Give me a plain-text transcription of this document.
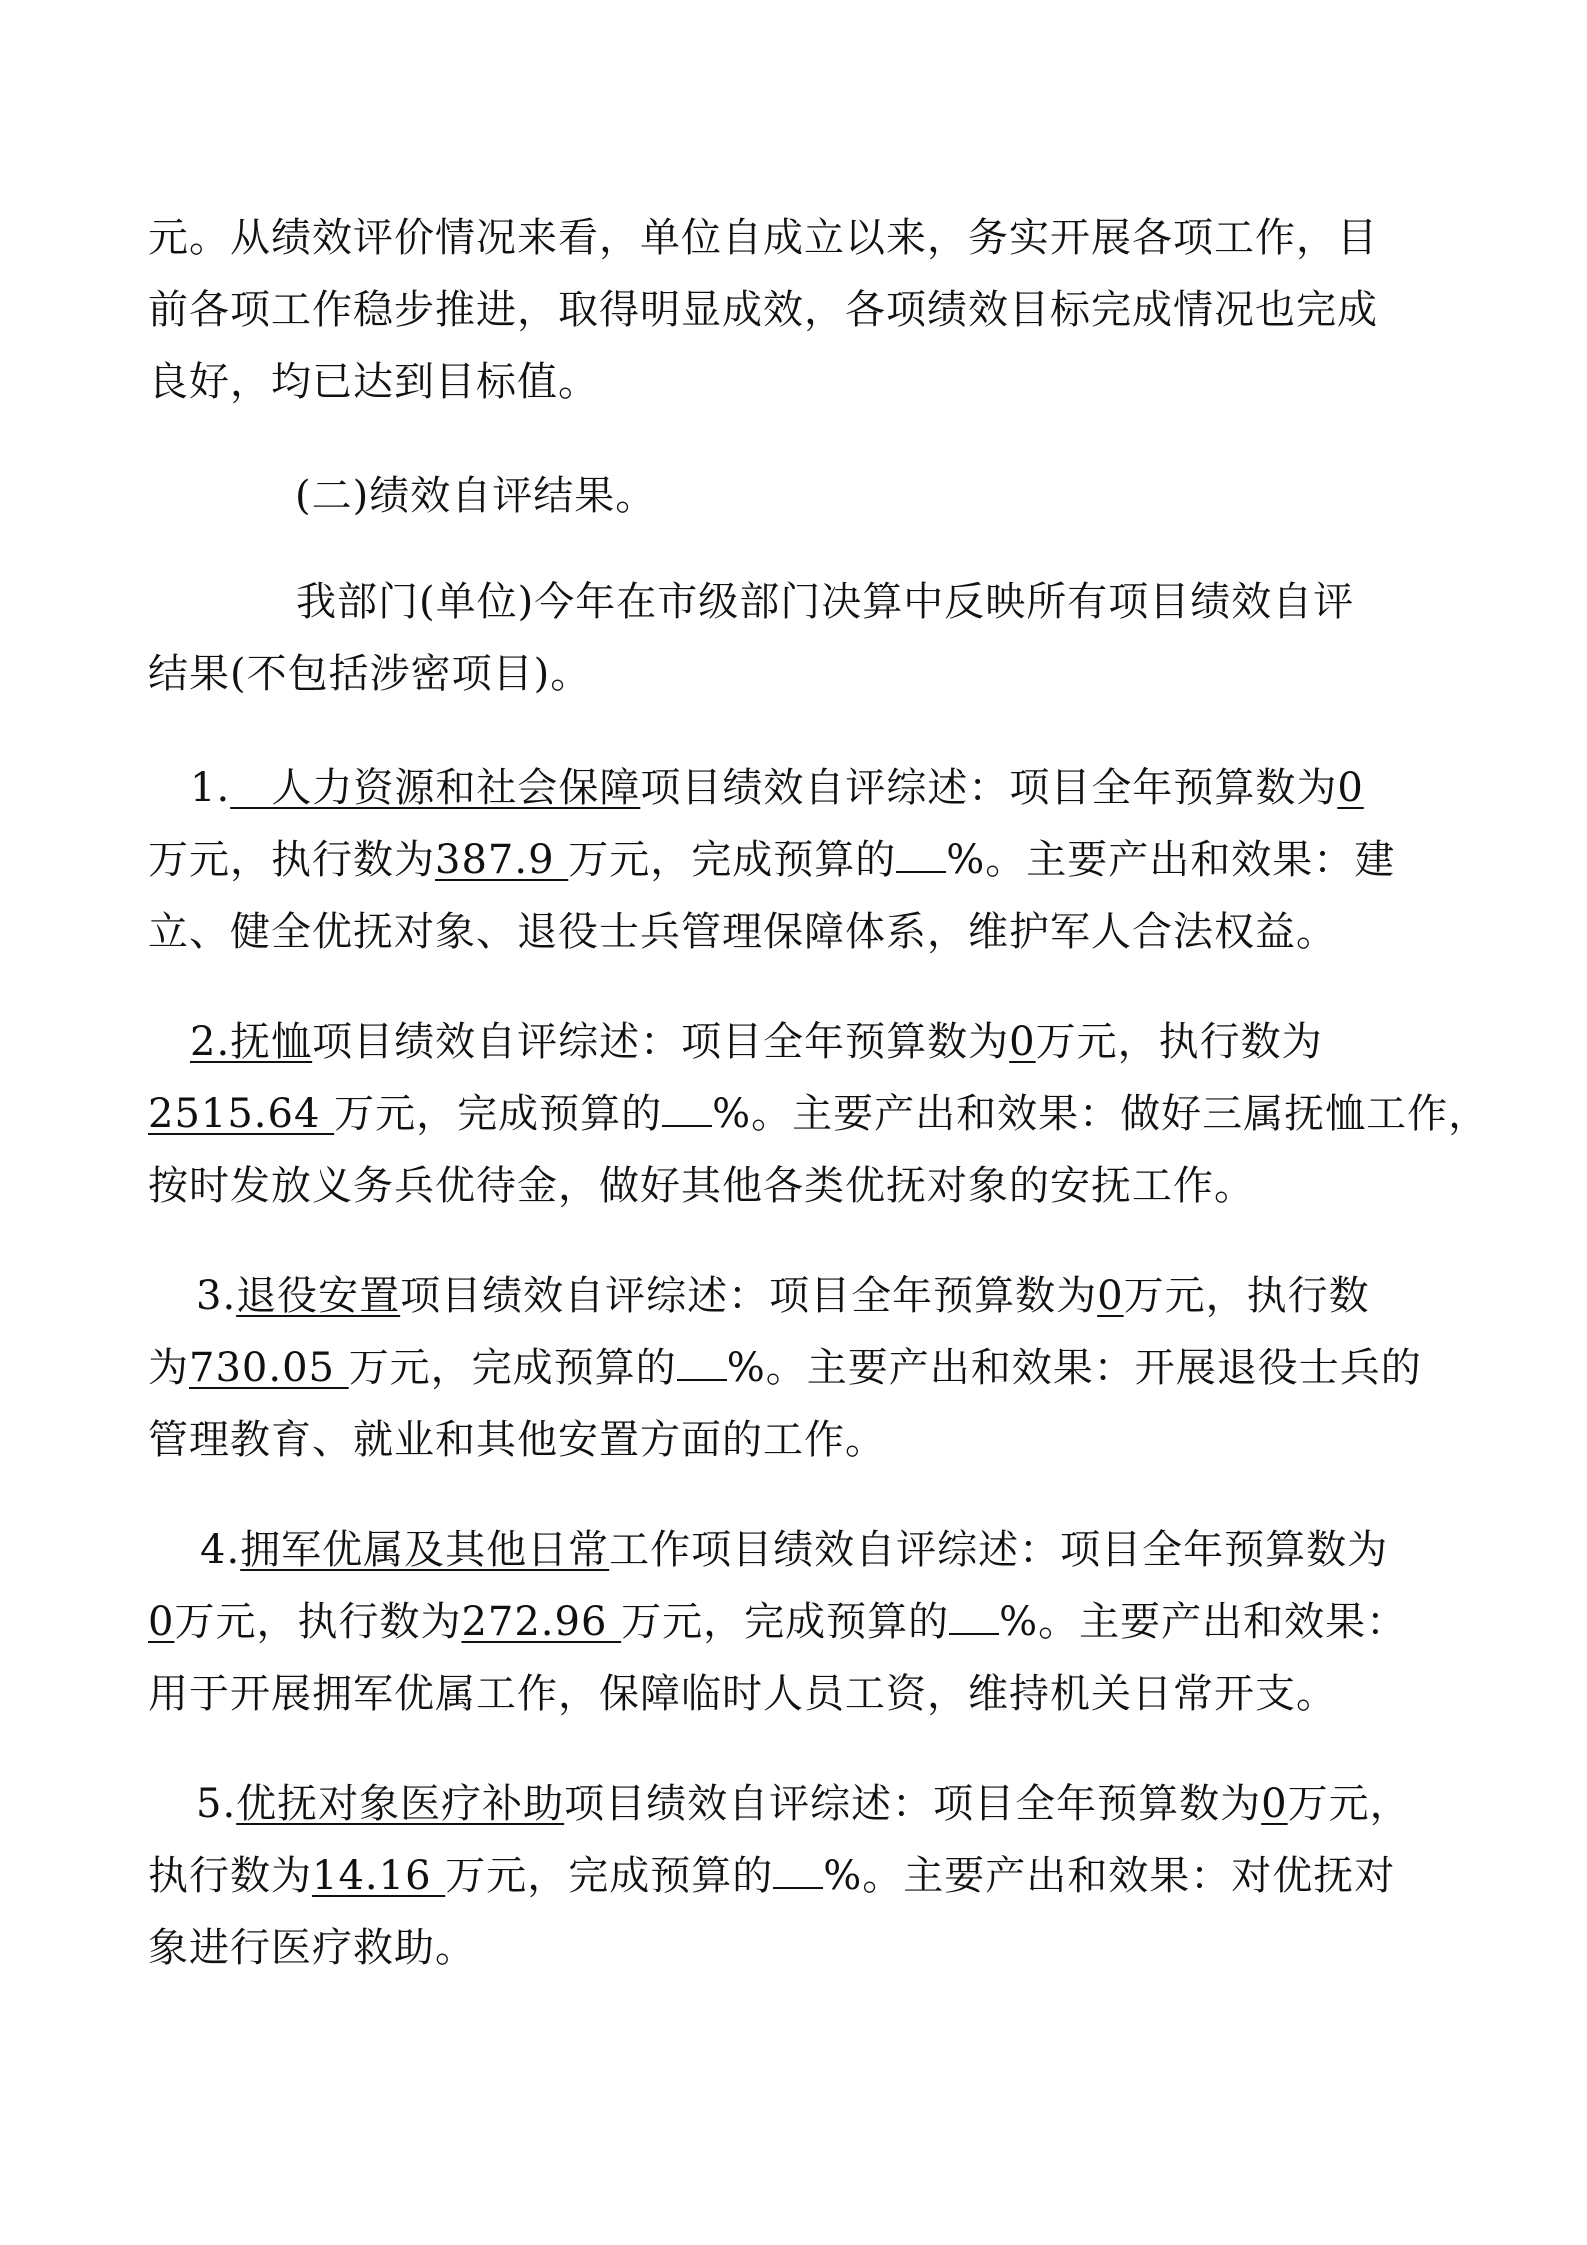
元。从绩效评价情况来看，单位自成立以来，务实开展各项工作，目
前各项工作稳步推进，取得明显成效，各项绩效目标完成情况也完成
良好，均已达到目标值。
(二)绩效自评结果。
我部门(单位)今年在市级部门决算中反映所有项目绩效自评
结果(不包括涉密项目)。
1.   人力资源和社会保障项目绩效自评综述：项目全年预算数为0
万元，执行数为387.9 万元，完成预算的 %。主要产出和效果：建
立、健全优抚对象、退役士兵管理保障体系，维护军人合法权益。
2.抚恤项目绩效自评综述：项目全年预算数为0万元，执行数为
2515.64 万元，完成预算的 %。主要产出和效果：做好三属抚恤工作，
按时发放义务兵优待金，做好其他各类优抚对象的安抚工作。
3.退役安置项目绩效自评综述：项目全年预算数为0万元，执行数
为730.05 万元，完成预算的 %。主要产出和效果：开展退役士兵的
管理教育、就业和其他安置方面的工作。
4.拥军优属及其他日常工作项目绩效自评综述：项目全年预算数为
0万元，执行数为272.96 万元，完成预算的 %。主要产出和效果：
用于开展拥军优属工作，保障临时人员工资，维持机关日常开支。
5.优抚对象医疗补助项目绩效自评综述：项目全年预算数为0万元，
执行数为14.16 万元，完成预算的 %。主要产出和效果：对优抚对
象进行医疗救助。
